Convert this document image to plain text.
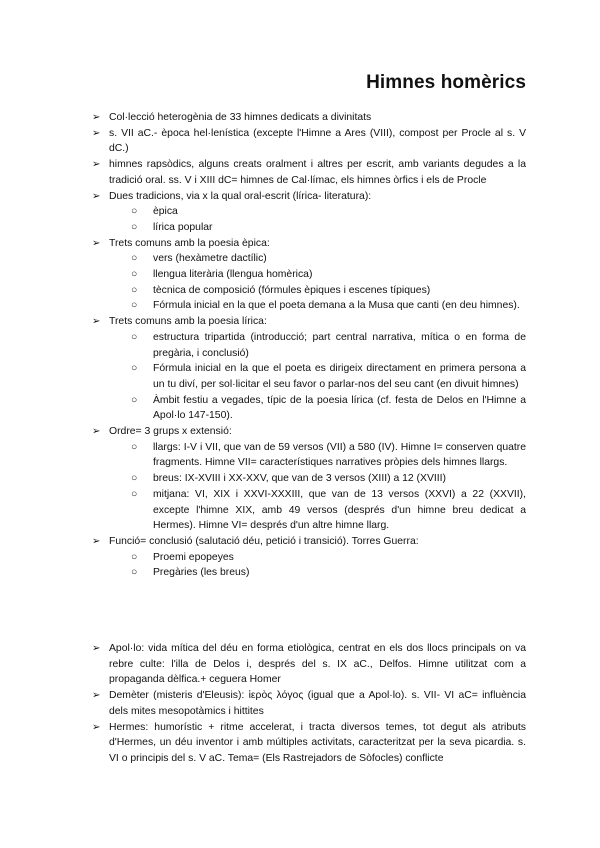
Himnes homèrics
➢ Col·lecció heterogènia de 33 himnes dedicats a divinitats
➢ s. VII aC.- època hel·lenística (excepte l'Himne a Ares (VIII), compost per Procle al s. V dC.)
➢ himnes rapsòdics, alguns creats oralment i altres per escrit, amb variants degudes a la tradició oral. ss. V i XIII dC= himnes de Cal·límac, els himnes òrfics i els de Procle
➢ Dues tradicions, via x la qual oral-escrit (lírica- literatura):
○ èpica
○ lírica popular
➢ Trets comuns amb la poesia èpica:
○ vers (hexàmetre dactílic)
○ llengua literària (llengua homèrica)
○ tècnica de composició (fórmules èpiques i escenes típiques)
○ Fórmula inicial en la que el poeta demana a la Musa que canti (en deu himnes).
➢ Trets comuns amb la poesia lírica:
○ estructura tripartida (introducció; part central narrativa, mítica o en forma de pregària, i conclusió)
○ Fórmula inicial en la que el poeta es dirigeix directament en primera persona a un tu diví, per sol·licitar el seu favor o parlar-nos del seu cant (en divuit himnes)
○ Àmbit festiu a vegades, típic de la poesia lírica (cf. festa de Delos en l'Himne a Apol·lo 147-150).
➢ Ordre= 3 grups x extensió:
○ llargs: I-V i VII, que van de 59 versos (VII) a 580 (IV). Himne I= conserven quatre fragments. Himne VII= característiques narratives pròpies dels himnes llargs.
○ breus: IX-XVIII i XX-XXV, que van de 3 versos (XIII) a 12 (XVIII)
○ mitjana: VI, XIX i XXVI-XXXIII, que van de 13 versos (XXVI) a 22 (XXVII), excepte l'himne XIX, amb 49 versos (després d'un himne breu dedicat a Hermes). Himne VI= després d'un altre himne llarg.
➢ Funció= conclusió (salutació déu, petició i transició). Torres Guerra:
○ Proemi epopeyes
○ Pregàries (les breus)
➢ Apol·lo: vida mítica del déu en forma etiològica, centrat en els dos llocs principals on va rebre culte: l'illa de Delos i, després del s. IX aC., Delfos. Himne utilitzat com a propaganda dèlfica.+ ceguera Homer
➢ Demèter (misteris d'Eleusis): ἱερὸς λόγος (igual que a Apol·lo). s. VII- VI aC= influència dels mites mesopotàmics i hittites
➢ Hermes: humorístic + ritme accelerat, i tracta diversos temes, tot degut als atributs d'Hermes, un déu inventor i amb múltiples activitats, caracteritzat per la seva picardia. s. VI o principis del s. V aC. Tema= (Els Rastrejadors de Sòfocles) conflicte
